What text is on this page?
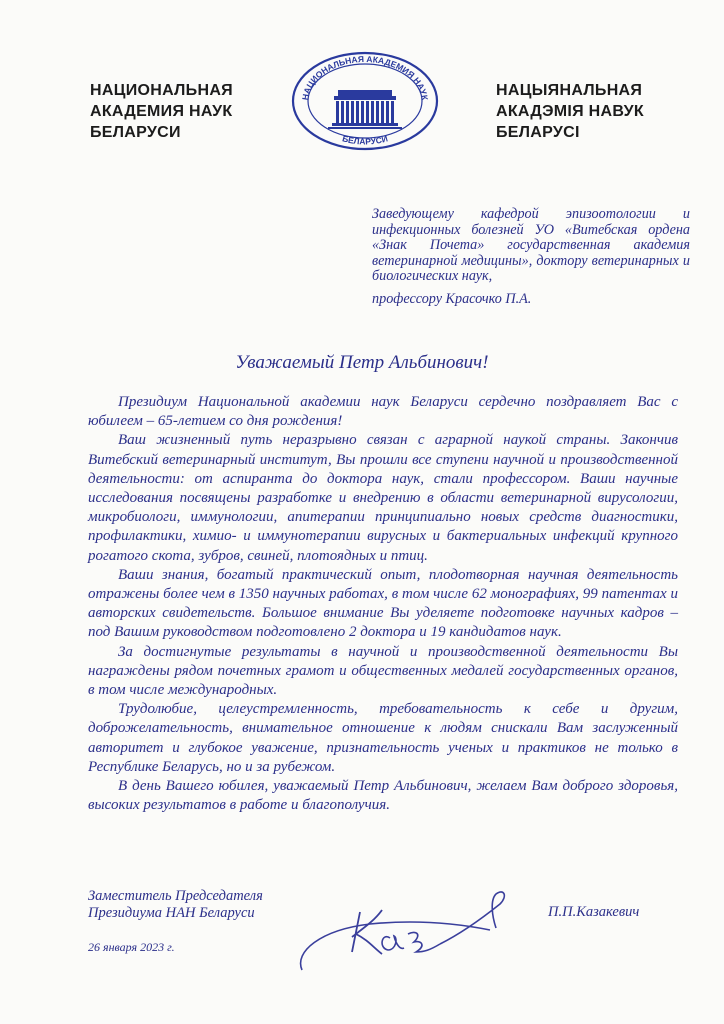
НАЦИОНАЛЬНАЯ
АКАДЕМИЯ НАУК
БЕЛАРУСИ
НАЦИОНАЛЬНАЯ АКАДЕМИЯ НАУК
БЕЛАРУСИ
НАЦЫЯНАЛЬНАЯ
АКАДЭМІЯ НАВУК
БЕЛАРУСІ
Заведующему кафедрой эпизоотологии и инфекционных болезней УО «Витебская ордена «Знак Почета» государственная академия ветеринарной медицины», доктору ветеринарных и биологических наук,
профессору Красочко П.А.
Уважаемый Петр Альбинович!

Президиум Национальной академии наук Беларуси сердечно поздравляет Вас с юбилеем – 65-летием со дня рождения!

Ваш жизненный путь неразрывно связан с аграрной наукой страны. Закончив Витебский ветеринарный институт, Вы прошли все ступени научной и производственной деятельности: от аспиранта до доктора наук, стали профессором. Ваши научные исследования посвящены разработке и внедрению в области ветеринарной вирусологии, микробиологи, иммунологии, апитерапии принципиально новых средств диагностики, профилактики, химио- и иммунотерапии вирусных и бактериальных инфекций крупного рогатого скота, зубров, свиней, плотоядных и птиц.

Ваши знания, богатый практический опыт, плодотворная научная деятельность отражены более чем в 1350 научных работах, в том числе 62 монографиях, 99 патентах и авторских свидетельств. Большое внимание Вы уделяете подготовке научных кадров – под Вашим руководством подготовлено 2 доктора и 19 кандидатов наук.

За достигнутые результаты в научной и производственной деятельности Вы награждены рядом почетных грамот и общественных медалей государственных органов, в том числе международных.

Трудолюбие, целеустремленность, требовательность к себе и другим, доброжелательность, внимательное отношение к людям снискали Вам заслуженный авторитет и глубокое уважение, признательность ученых и практиков не только в Республике Беларусь, но и за рубежом.

В день Вашего юбилея, уважаемый Петр Альбинович, желаем Вам доброго здоровья, высоких результатов в работе и благополучия.

Заместитель Председателя
Президиума НАН Беларуси	П.П.Казакевич
26 января 2023 г.
